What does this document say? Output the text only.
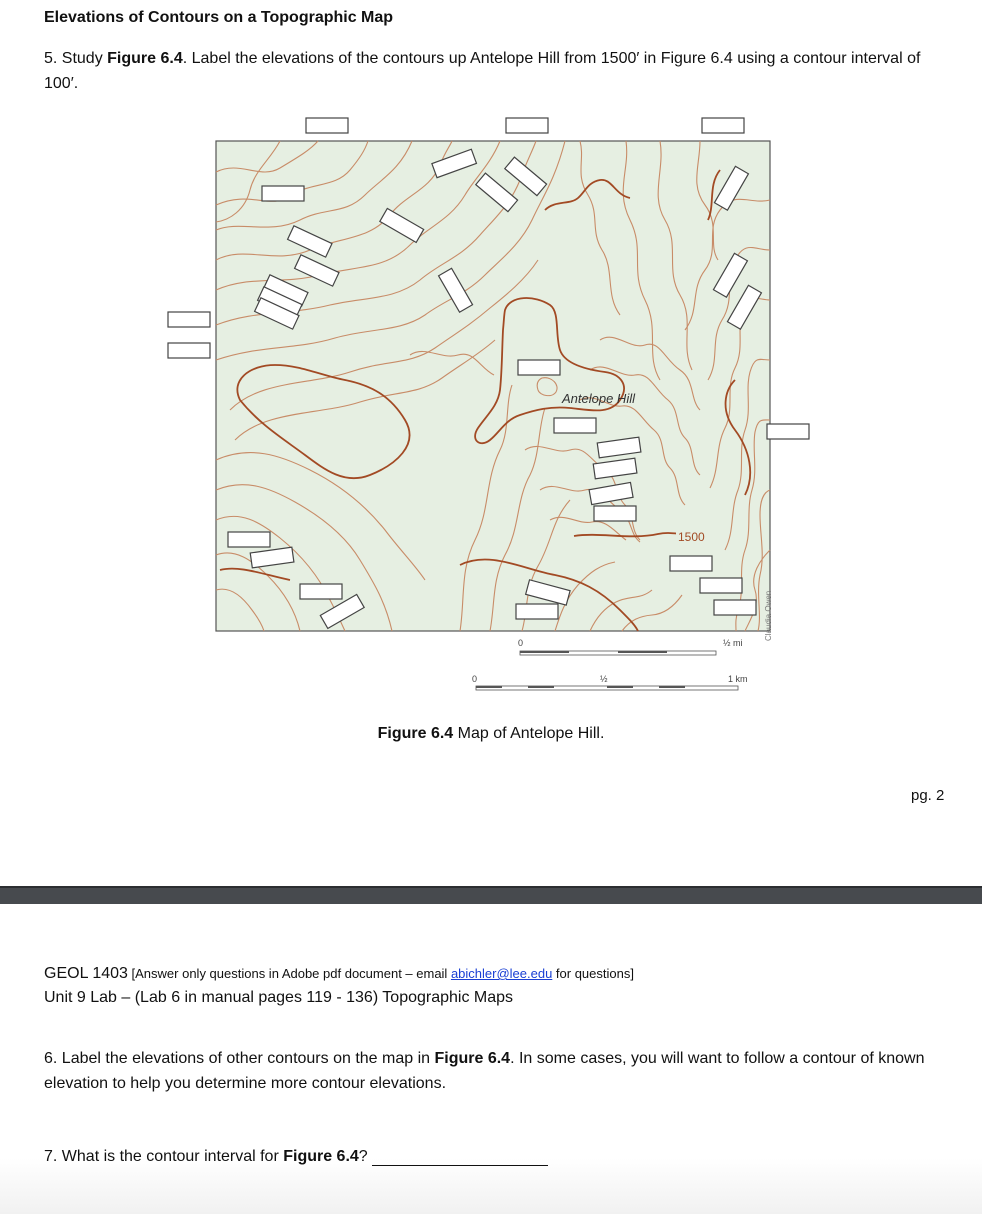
Elevations of Contours on a Topographic Map
5. Study Figure 6.4. Label the elevations of the contours up Antelope Hill from 1500′ in Figure 6.4 using a contour interval of 100′.
Antelope Hill
1500
Claudia Owen
0	½ mi
0	½	1 km
Figure 6.4 Map of Antelope Hill.
pg. 2
GEOL 1403 [Answer only questions in Adobe pdf document – email abichler@lee.edu for questions]
Unit 9 Lab – (Lab 6 in manual pages 119 - 136) Topographic Maps
6. Label the elevations of other contours on the map in Figure 6.4. In some cases, you will want to follow a contour of known elevation to help you determine more contour elevations.
7. What is the contour interval for Figure 6.4?
